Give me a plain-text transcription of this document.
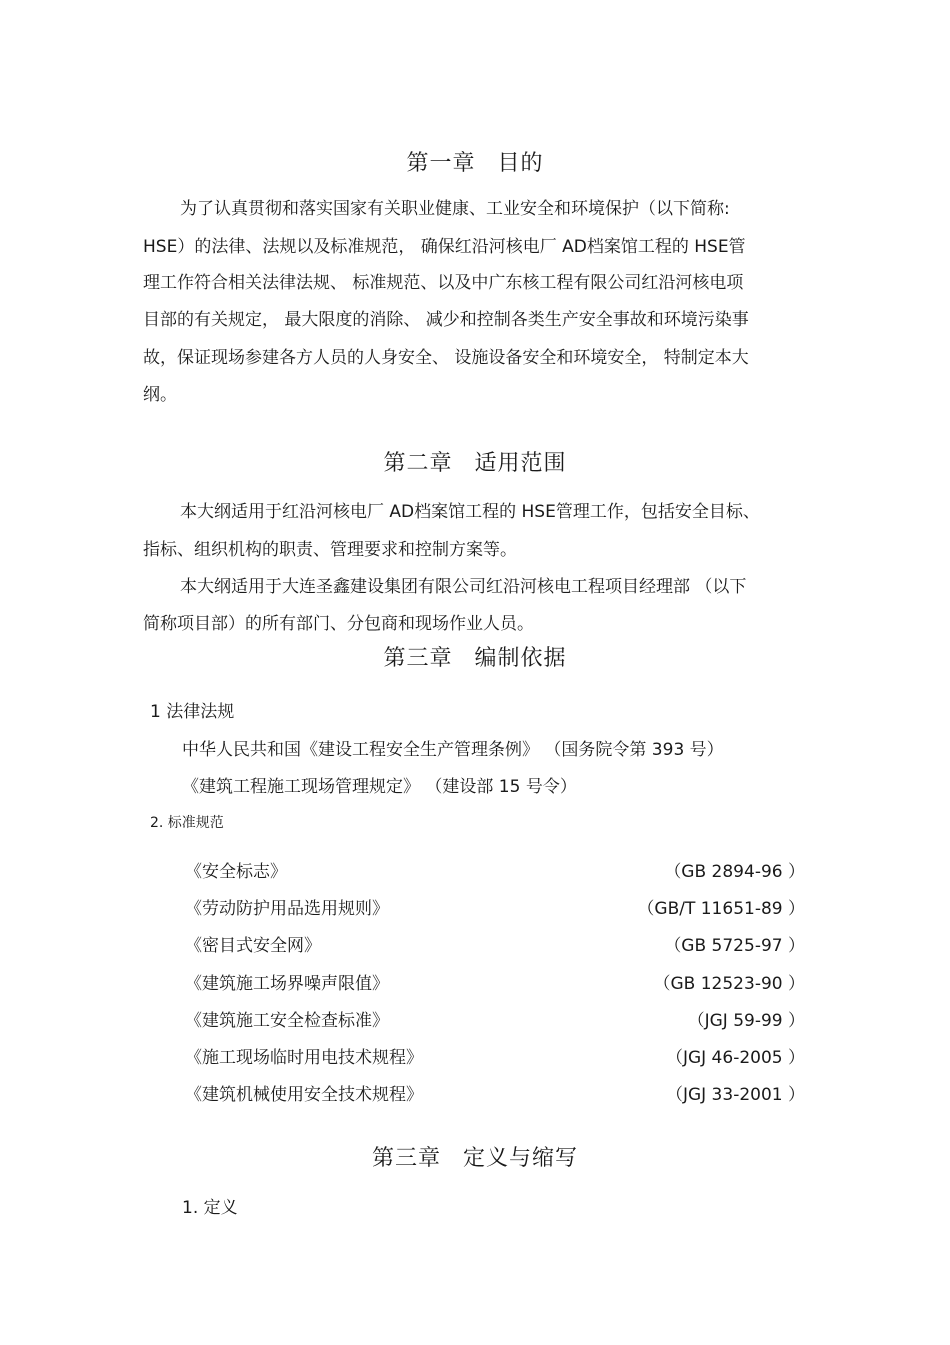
第一章 目的
为了认真贯彻和落实国家有关职业健康、工业安全和环境保护（以下简称:
HSE）的法律、法规以及标准规范， 确保红沿河核电厂 AD档案馆工程的 HSE管
理工作符合相关法律法规、 标准规范、以及中广东核工程有限公司红沿河核电项
目部的有关规定， 最大限度的消除、 减少和控制各类生产安全事故和环境污染事
故，保证现场参建各方人员的人身安全、 设施设备安全和环境安全， 特制定本大
纲。
第二章 适用范围
本大纲适用于红沿河核电厂 AD档案馆工程的 HSE管理工作，包括安全目标、
指标、组织机构的职责、管理要求和控制方案等。
本大纲适用于大连圣鑫建设集团有限公司红沿河核电工程项目经理部 （以下
简称项目部）的所有部门、分包商和现场作业人员。
第三章 编制依据
1 法律法规
中华人民共和国《建设工程安全生产管理条例》 （国务院令第 393 号）
《建筑工程施工现场管理规定》 （建设部 15 号令）
2. 标准规范
《安全标志》	（GB 2894-96 ）
《劳动防护用品选用规则》	（GB/T 11651-89 ）
《密目式安全网》	（GB 5725-97 ）
《建筑施工场界噪声限值》	（GB 12523-90 ）
《建筑施工安全检查标准》	（JGJ 59-99 ）
《施工现场临时用电技术规程》	（JGJ 46-2005 ）
《建筑机械使用安全技术规程》	（JGJ 33-2001 ）
第三章 定义与缩写
1. 定义
